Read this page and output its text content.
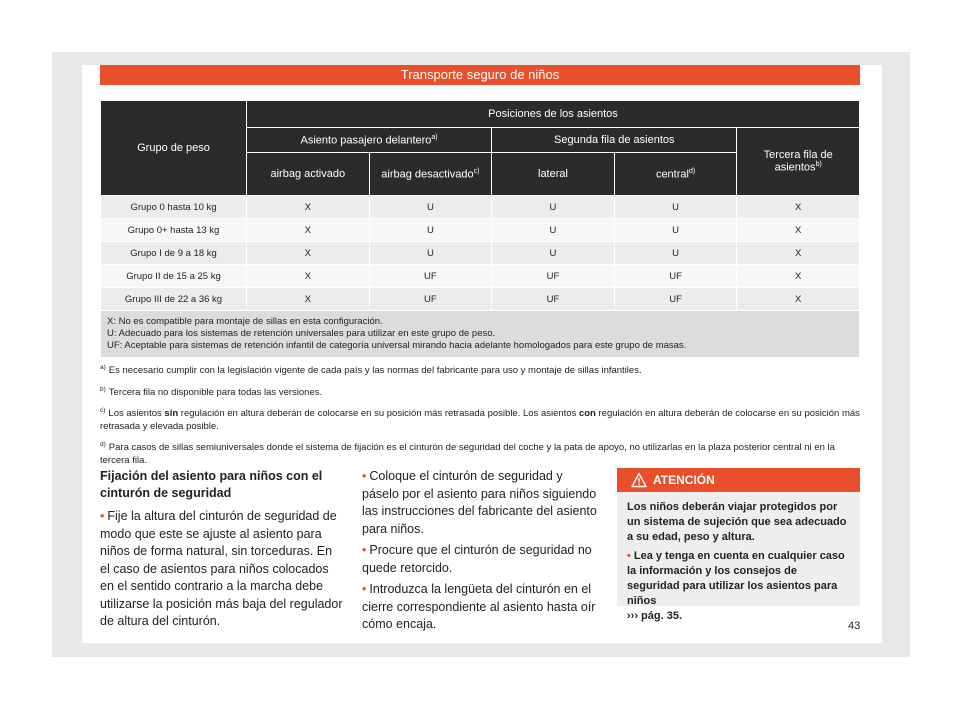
Transporte seguro de niños
Grupo de peso	Posiciones de los asientos				
	Asiento pasajero delantero$^{a)}$		Segunda fila de asientos		Tercera fila de asientos$^{b)}$
	airbag activado	airbag desactivado$^{c)}$	lateral	central$^{d)}$
Grupo 0 hasta 10 kg	X	U	U	U	X
Grupo 0+ hasta 13 kg	X	U	U	U	X
Grupo I de 9 a 18 kg	X	U	U	U	X
Grupo II de 15 a 25 kg	X	UF	UF	UF	X
Grupo III de 22 a 36 kg	X	UF	UF	UF	X

X: No es compatible para montaje de sillas en esta configuración.
U: Adecuado para los sistemas de retención universales para utilizar en este grupo de peso.
UF: Aceptable para sistemas de retención infantil de categoría universal mirando hacia adelante homologados para este grupo de masas.					
$^{a)}$ Es necesario cumplir con la legislación vigente de cada país y las normas del fabricante para uso y montaje de sillas infantiles.
$^{b)}$ Tercera fila no disponible para todas las versiones.
$^{c)}$ Los asientos sin regulación en altura deberán de colocarse en su posición más retrasada posible. Los asientos con regulación en altura deberán de colocarse en su posición más retrasada y elevada posible.
$^{d)}$ Para casos de sillas semiuniversales donde el sistema de fijación es el cinturón de seguridad del coche y la pata de apoyo, no utilizarlas en la plaza posterior central ni en la tercera fila.
Fijación del asiento para niños con el cinturón de seguridad

• Fije la altura del cinturón de seguridad de modo que este se ajuste al asiento para niños de forma natural, sin torceduras. En el caso de asientos para niños colocados en el sentido contrario a la marcha debe utilizarse la posición más baja del regulador de altura del cinturón.

• Coloque el cinturón de seguridad y páselo por el asiento para niños siguiendo las instrucciones del fabricante del asiento para niños.

• Procure que el cinturón de seguridad no quede retorcido.

• Introduzca la lengüeta del cinturón en el cierre correspondiente al asiento hasta oír cómo encaja.

ATENCIÓN
Los niños deberán viajar protegidos por un sistema de sujeción que sea adecuado a su edad, peso y altura.
• Lea y tenga en cuenta en cualquier caso la información y los consejos de seguridad para utilizar los asientos para niños
››› pág. 35.
43
